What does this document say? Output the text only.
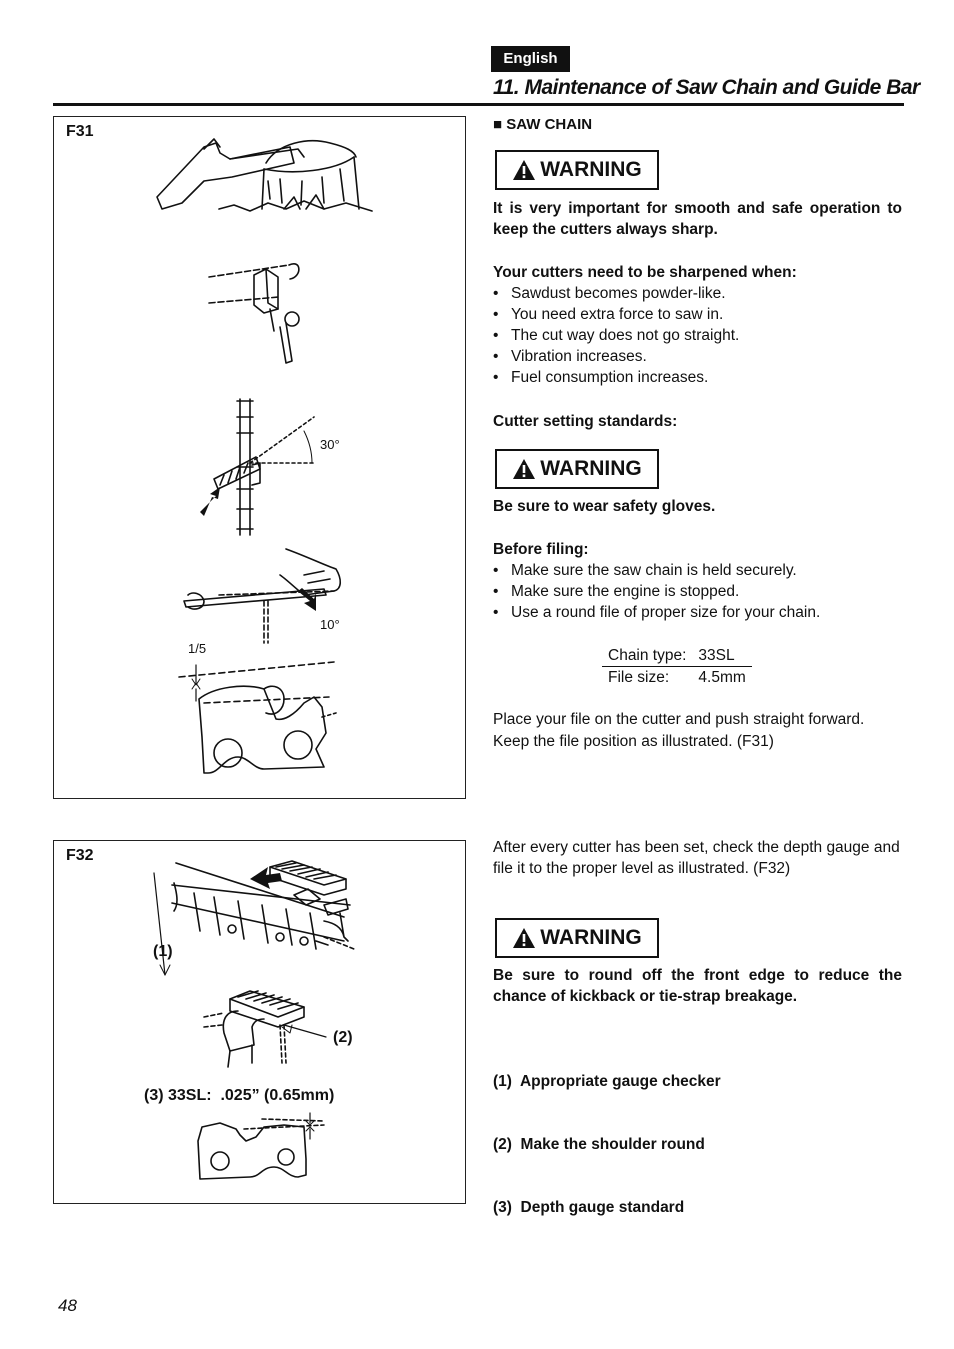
English
11. Maintenance of Saw Chain and Guide Bar
F31
30°
10°
1/5
F32
(1)
(2)
(3) 33SL:  .025” (0.65mm)
■ SAW CHAIN
WARNING
It is very important for smooth and safe operation to keep the cutters always sharp.
Your cutters need to be sharpened when:
• Sawdust becomes powder-like.
• You need extra force to saw in.
• The cut way does not go straight.
• Vibration increases.
• Fuel consumption increases.
Cutter setting standards:
WARNING
Be sure to wear safety gloves.
Before filing:
• Make sure the saw chain is held securely.
• Make sure the engine is stopped.
• Use a round file of proper size for your chain.
Chain type:	33SL
File size:	4.5mm
Place your file on the cutter and push straight forward. Keep the file position as illustrated. (F31)
After every cutter has been set, check the depth gauge and file it to the proper level as illustrated. (F32)
WARNING
Be sure to round off the front edge to reduce the chance of kickback or tie-strap breakage.

(1)  Appropriate gauge checker

(2)  Make the shoulder round

(3)  Depth gauge standard

48
